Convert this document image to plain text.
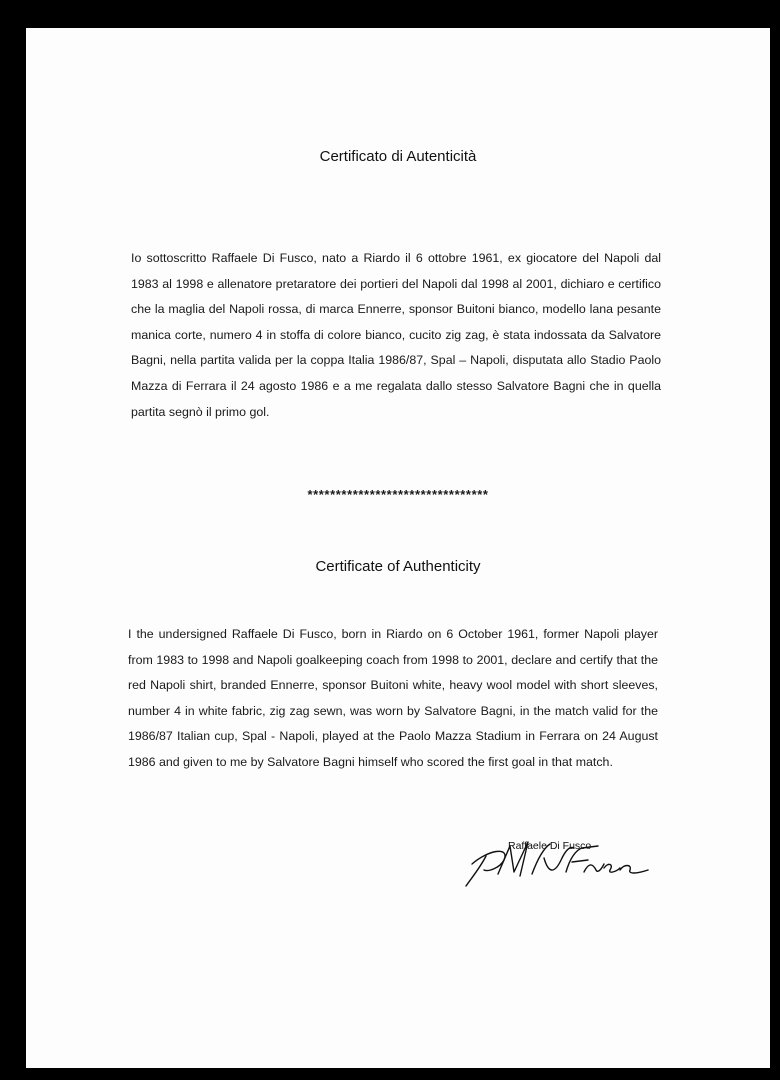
Certificato di Autenticità
Io sottoscritto Raffaele Di Fusco, nato a Riardo il 6 ottobre 1961, ex giocatore del Napoli dal 1983 al 1998 e allenatore pretaratore dei portieri del Napoli dal 1998 al 2001, dichiaro e certifico che la maglia del Napoli rossa, di marca Ennerre, sponsor Buitoni bianco, modello lana pesante manica corte, numero 4 in stoffa di colore bianco, cucito zig zag, è stata indossata da Salvatore Bagni, nella partita valida per la coppa Italia 1986/87, Spal – Napoli, disputata allo Stadio Paolo Mazza di Ferrara il 24 agosto 1986 e a me regalata dallo stesso Salvatore Bagni che in quella partita segnò il primo gol.
********************************
Certificate of Authenticity
I the undersigned Raffaele Di Fusco, born in Riardo on 6 October 1961, former Napoli player from 1983 to 1998 and Napoli goalkeeping coach from 1998 to 2001, declare and certify that the red Napoli shirt, branded Ennerre, sponsor Buitoni white, heavy wool model with short sleeves, number 4 in white fabric, zig zag sewn, was worn by Salvatore Bagni, in the match valid for the 1986/87 Italian cup, Spal - Napoli, played at the Paolo Mazza Stadium in Ferrara on 24 August 1986 and given to me by Salvatore Bagni himself who scored the first goal in that match.
Raffaele Di Fusco
